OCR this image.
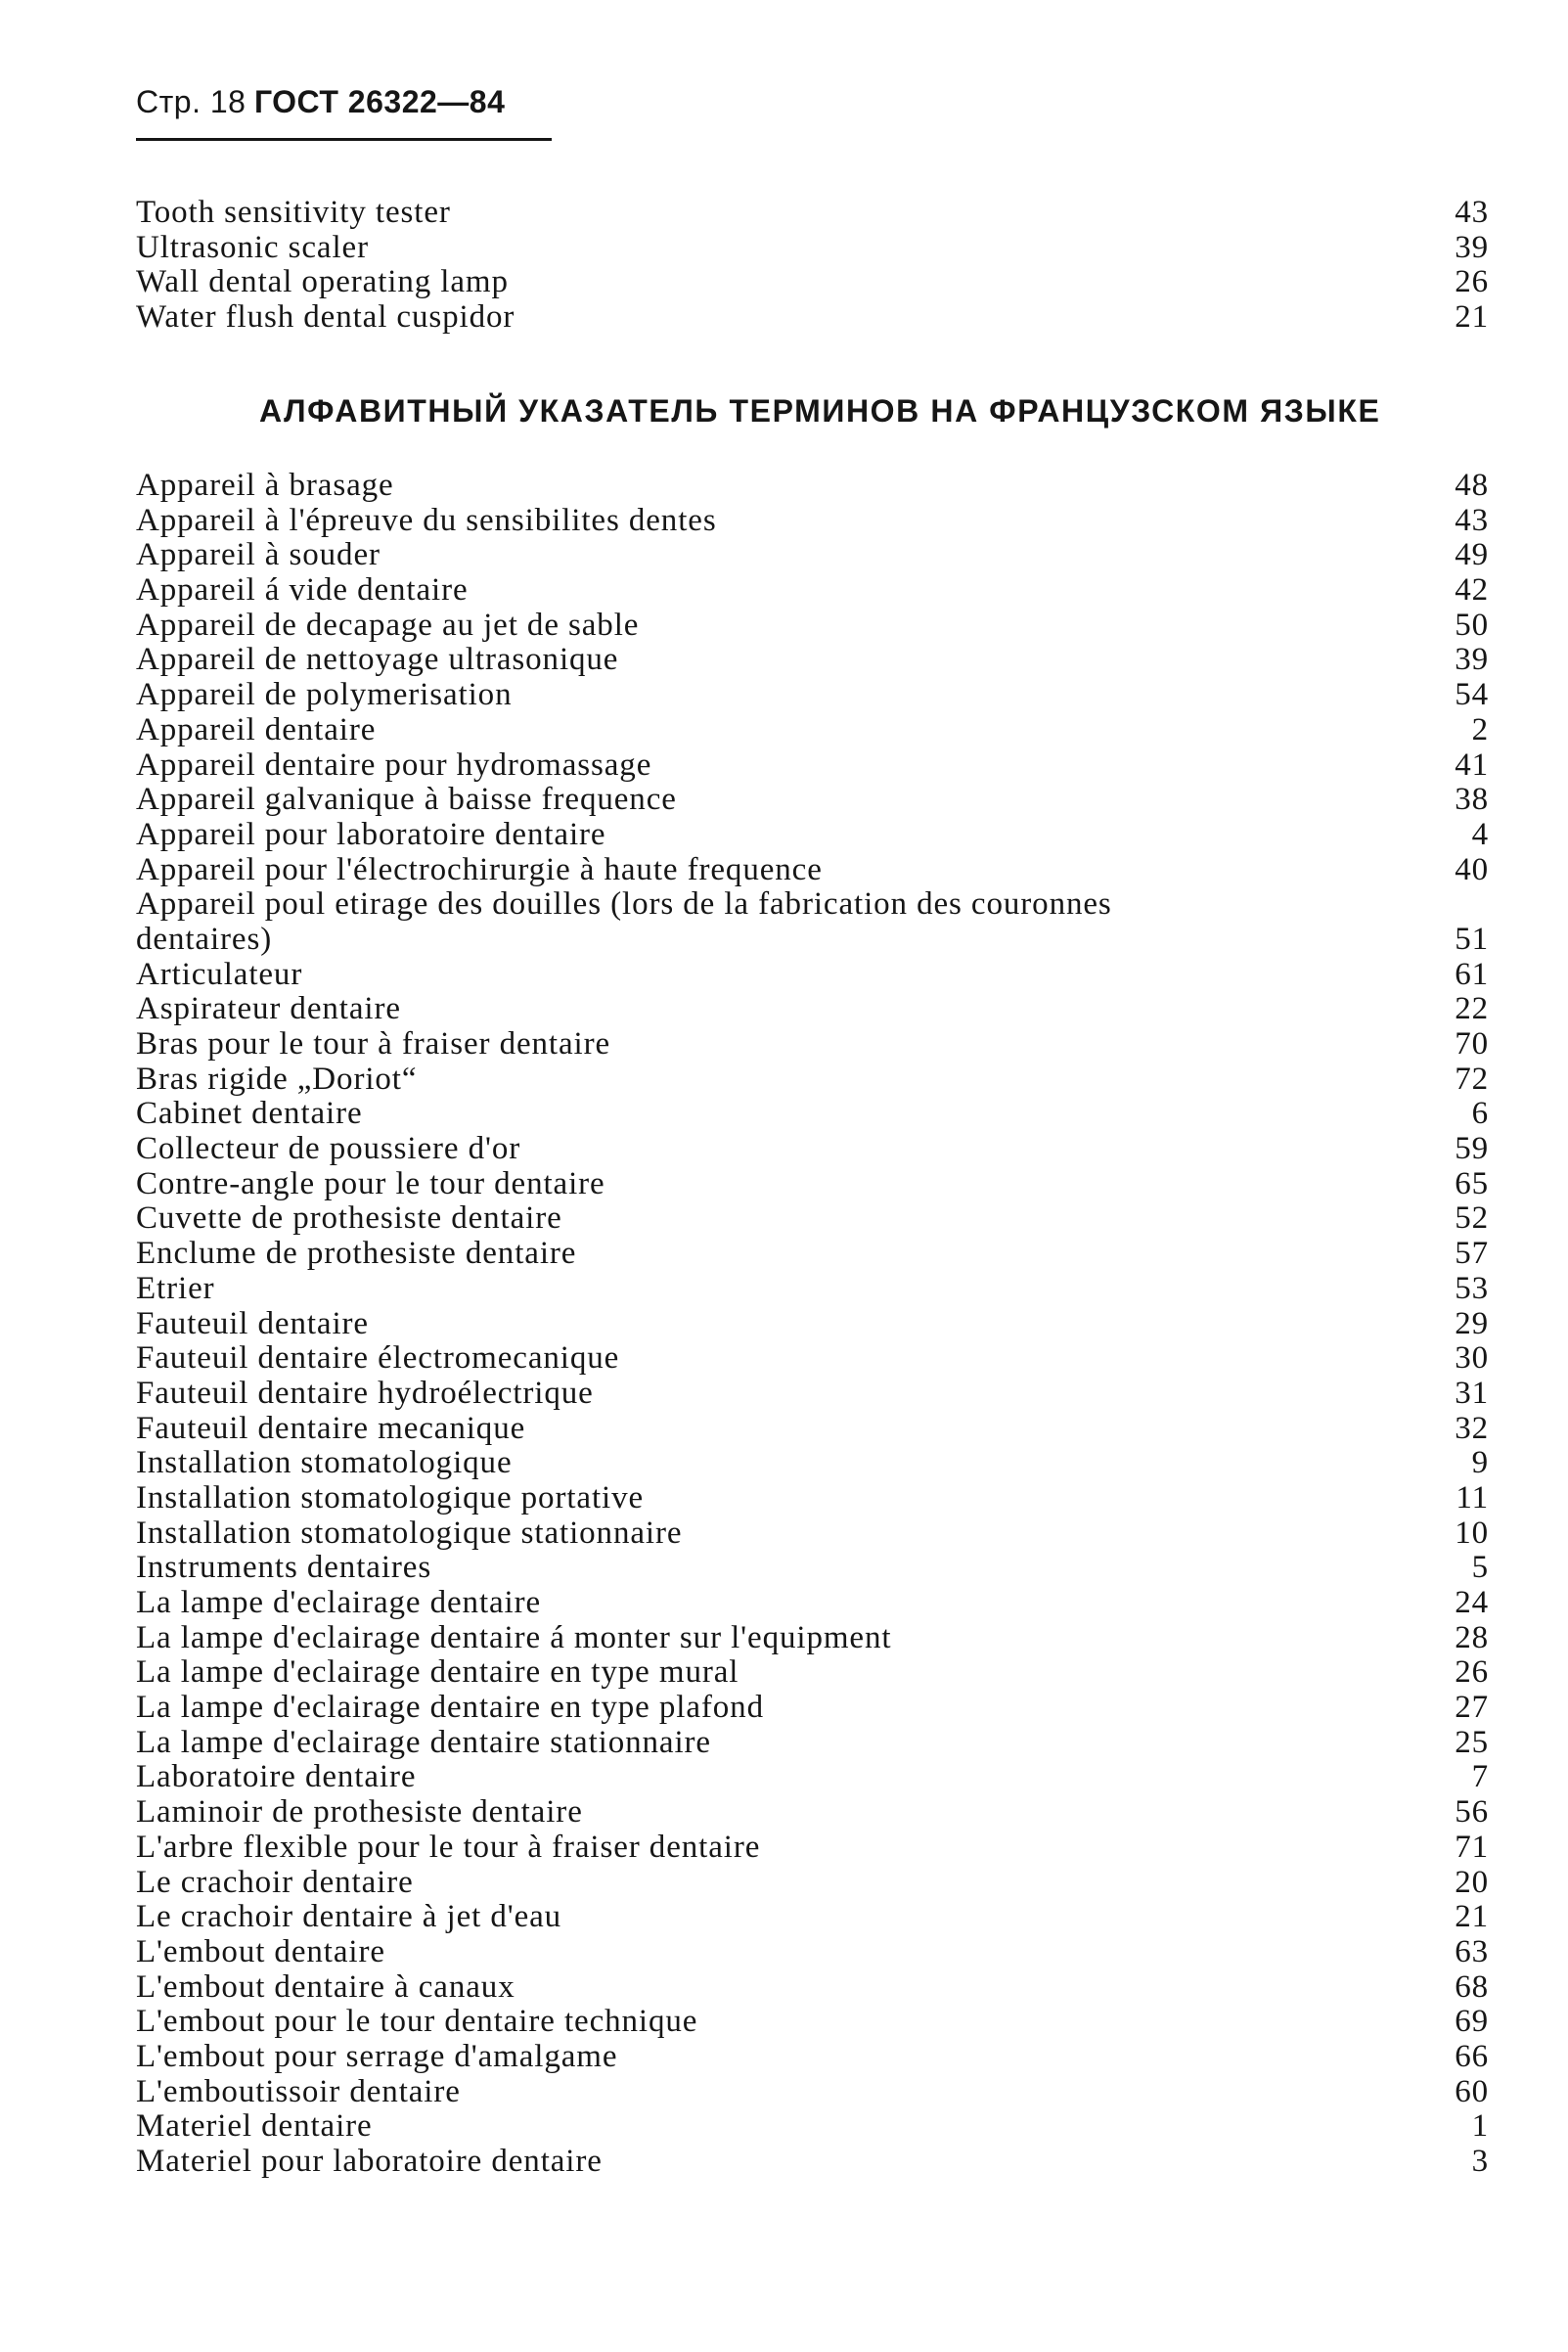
Стр. 18 ГОСТ 26322—84
Tooth sensitivity tester	43
Ultrasonic scaler	39
Wall dental operating lamp	26
Water flush dental cuspidor	21
АЛФАВИТНЫЙ УКАЗАТЕЛЬ ТЕРМИНОВ НА ФРАНЦУЗСКОМ ЯЗЫКЕ
Appareil à brasage	48
Appareil à l'épreuve du sensibilites dentes	43
Appareil à souder	49
Appareil á vide dentaire	42
Appareil de decapage au jet de sable	50
Appareil de nettoyage ultrasonique	39
Appareil de polymerisation	54
Appareil dentaire	2
Appareil dentaire pour hydromassage	41
Appareil galvanique à baisse frequence	38
Appareil pour laboratoire dentaire	4
Appareil pour l'électrochirurgie à haute frequence	40
Appareil poul etirage des douilles (lors de la fabrication des couronnes
dentaires)	51
Articulateur	61
Aspirateur dentaire	22
Bras pour le tour à fraiser dentaire	70
Bras rigide „Doriot“	72
Cabinet dentaire	6
Collecteur de poussiere d'or	59
Contre-angle pour le tour dentaire	65
Cuvette de prothesiste dentaire	52
Enclume de prothesiste dentaire	57
Etrier	53
Fauteuil dentaire	29
Fauteuil dentaire électromecanique	30
Fauteuil dentaire hydroélectrique	31
Fauteuil dentaire mecanique	32
Installation stomatologique	9
Installation stomatologique portative	11
Installation stomatologique stationnaire	10
Instruments dentaires	5
La lampe d'eclairage dentaire	24
La lampe d'eclairage dentaire á monter sur l'equipment	28
La lampe d'eclairage dentaire en type mural	26
La lampe d'eclairage dentaire en type plafond	27
La lampe d'eclairage dentaire stationnaire	25
Laboratoire dentaire	7
Laminoir de prothesiste dentaire	56
L'arbre flexible pour le tour à fraiser dentaire	71
Le crachoir dentaire	20
Le crachoir dentaire à jet d'eau	21
L'embout dentaire	63
L'embout dentaire à canaux	68
L'embout pour le tour dentaire technique	69
L'embout pour serrage d'amalgame	66
L'emboutissoir dentaire	60
Materiel dentaire	1
Materiel pour laboratoire dentaire	3
